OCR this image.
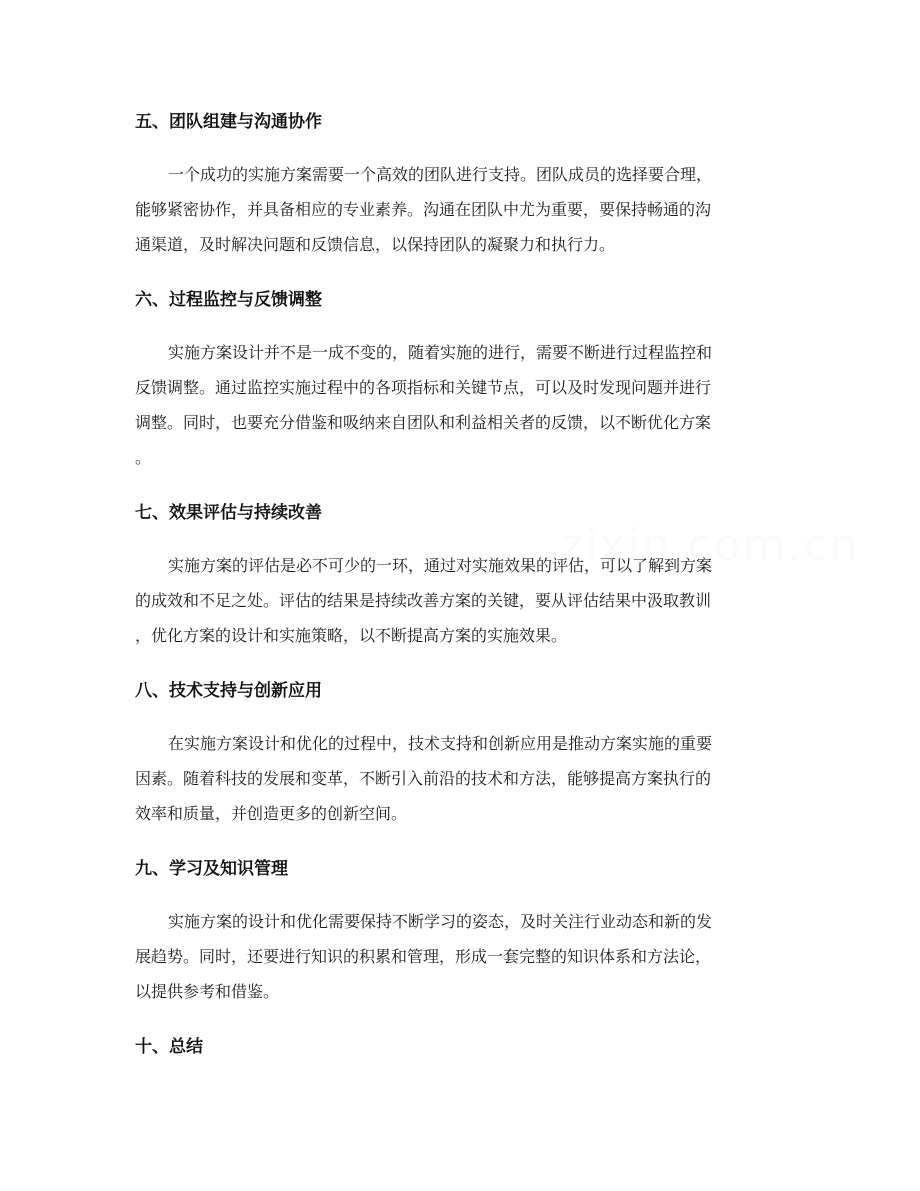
五、团队组建与沟通协作
一个成功的实施方案需要一个高效的团队进行支持。团队成员的选择要合理，
能够紧密协作，并具备相应的专业素养。沟通在团队中尤为重要，要保持畅通的沟
通渠道，及时解决问题和反馈信息，以保持团队的凝聚力和执行力。
六、过程监控与反馈调整
实施方案设计并不是一成不变的，随着实施的进行，需要不断进行过程监控和
反馈调整。通过监控实施过程中的各项指标和关键节点，可以及时发现问题并进行
调整。同时，也要充分借鉴和吸纳来自团队和利益相关者的反馈，以不断优化方案
。
七、效果评估与持续改善
实施方案的评估是必不可少的一环，通过对实施效果的评估，可以了解到方案
的成效和不足之处。评估的结果是持续改善方案的关键，要从评估结果中汲取教训
，优化方案的设计和实施策略，以不断提高方案的实施效果。
八、技术支持与创新应用
在实施方案设计和优化的过程中，技术支持和创新应用是推动方案实施的重要
因素。随着科技的发展和变革，不断引入前沿的技术和方法，能够提高方案执行的
效率和质量，并创造更多的创新空间。
九、学习及知识管理
实施方案的设计和优化需要保持不断学习的姿态，及时关注行业动态和新的发
展趋势。同时，还要进行知识的积累和管理，形成一套完整的知识体系和方法论，
以提供参考和借鉴。
十、总结
